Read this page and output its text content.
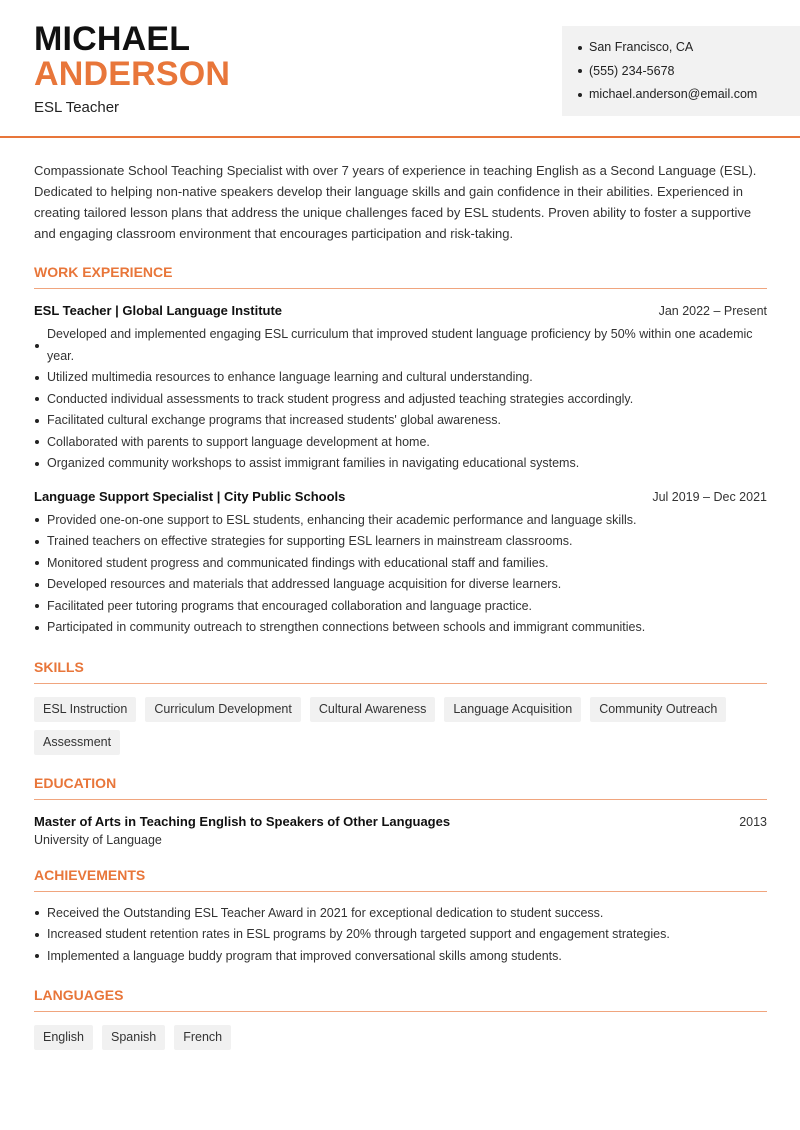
MICHAEL
ANDERSON
ESL Teacher
San Francisco, CA
(555) 234-5678
michael.anderson@email.com

Compassionate School Teaching Specialist with over 7 years of experience in teaching English as a Second Language (ESL). Dedicated to helping non-native speakers develop their language skills and gain confidence in their abilities. Experienced in creating tailored lesson plans that address the unique challenges faced by ESL students. Proven ability to foster a supportive and engaging classroom environment that encourages participation and risk-taking.

WORK EXPERIENCE
ESL Teacher | Global Language Institute	Jan 2022 – Present
Developed and implemented engaging ESL curriculum that improved student language proficiency by 50% within one academic year.
Utilized multimedia resources to enhance language learning and cultural understanding.
Conducted individual assessments to track student progress and adjusted teaching strategies accordingly.
Facilitated cultural exchange programs that increased students' global awareness.
Collaborated with parents to support language development at home.
Organized community workshops to assist immigrant families in navigating educational systems.
Language Support Specialist | City Public Schools	Jul 2019 – Dec 2021
Provided one-on-one support to ESL students, enhancing their academic performance and language skills.
Trained teachers on effective strategies for supporting ESL learners in mainstream classrooms.
Monitored student progress and communicated findings with educational staff and families.
Developed resources and materials that addressed language acquisition for diverse learners.
Facilitated peer tutoring programs that encouraged collaboration and language practice.
Participated in community outreach to strengthen connections between schools and immigrant communities.
SKILLS
ESL Instruction	Curriculum Development	Cultural Awareness	Language Acquisition	Community Outreach
Assessment
EDUCATION
Master of Arts in Teaching English to Speakers of Other Languages	2013
University of Language
ACHIEVEMENTS
Received the Outstanding ESL Teacher Award in 2021 for exceptional dedication to student success.
Increased student retention rates in ESL programs by 20% through targeted support and engagement strategies.
Implemented a language buddy program that improved conversational skills among students.
LANGUAGES
English	Spanish	French
